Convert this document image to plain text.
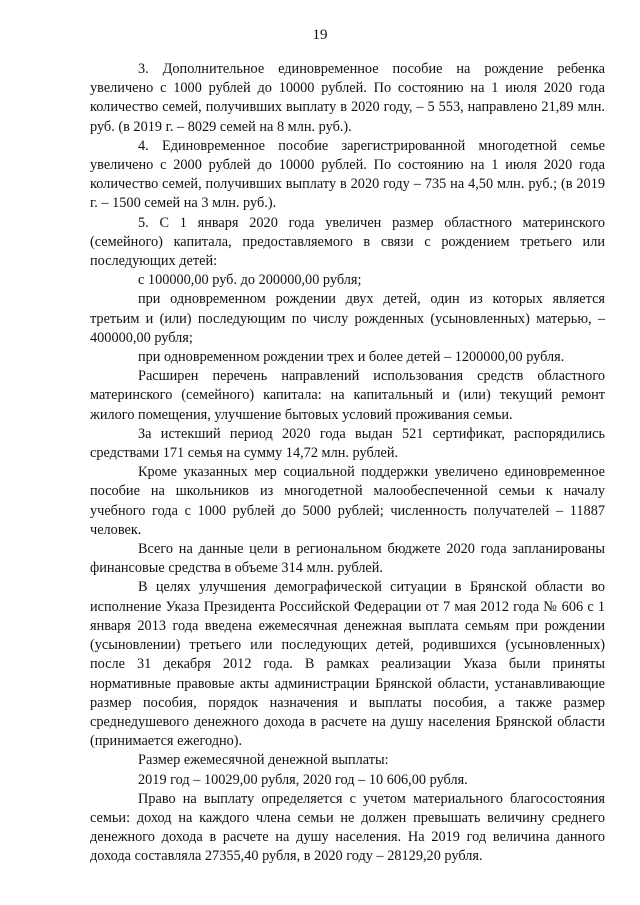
19

3. Дополнительное единовременное пособие на рождение ребенка увеличено с 1000 рублей до 10000 рублей. По состоянию на 1 июля 2020 года количество семей, получивших выплату в 2020 году, – 5 553, направлено 21,89 млн. руб. (в 2019 г. – 8029 семей на 8 млн. руб.).

4. Единовременное пособие зарегистрированной многодетной семье увеличено с 2000 рублей до 10000 рублей. По состоянию на 1 июля 2020 года количество семей, получивших выплату в 2020 году – 735 на 4,50 млн. руб.; (в 2019 г. – 1500 семей на 3 млн. руб.).

5. С 1 января 2020 года увеличен размер областного материнского (семейного) капитала, предоставляемого в связи с рождением третьего или последующих детей:

с 100000,00 руб. до 200000,00 рубля;

при одновременном рождении двух детей, один из которых является третьим и (или) последующим по числу рожденных (усыновленных) матерью, – 400000,00 рубля;

при одновременном рождении трех и более детей – 1200000,00 рубля.

Расширен перечень направлений использования средств областного материнского (семейного) капитала: на капитальный и (или) текущий ремонт жилого помещения, улучшение бытовых условий проживания семьи.

За истекший период 2020 года выдан 521 сертификат, распорядились средствами 171 семья на сумму 14,72 млн. рублей.

Кроме указанных мер социальной поддержки увеличено единовременное пособие на школьников из многодетной малообеспеченной семьи к началу учебного года с 1000 рублей до 5000 рублей; численность получателей – 11887 человек.

Всего на данные цели в региональном бюджете 2020 года запланированы финансовые средства в объеме 314 млн. рублей.

В целях улучшения демографической ситуации в Брянской области во исполнение Указа Президента Российской Федерации от 7 мая 2012 года № 606 с 1 января 2013 года введена ежемесячная денежная выплата семьям при рождении (усыновлении) третьего или последующих детей, родившихся (усыновленных) после 31 декабря 2012 года. В рамках реализации Указа были приняты нормативные правовые акты администрации Брянской области, устанавливающие размер пособия, порядок назначения и выплаты пособия, а также размер среднедушевого денежного дохода в расчете на душу населения Брянской области (принимается ежегодно).

Размер ежемесячной денежной выплаты:

2019 год – 10029,00 рубля, 2020 год – 10 606,00 рубля.

Право на выплату определяется с учетом материального благосостояния семьи: доход на каждого члена семьи не должен превышать величину среднего денежного дохода в расчете на душу населения. На 2019 год величина данного дохода составляла 27355,40 рубля, в 2020 году – 28129,20 рубля.
